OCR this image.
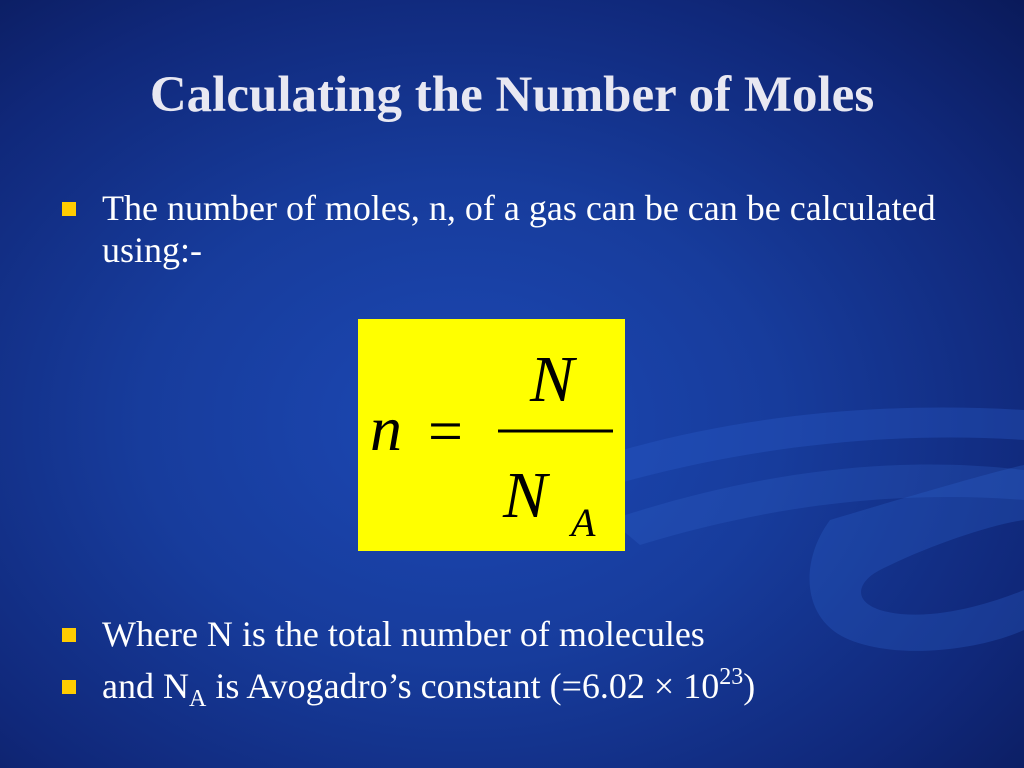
Calculating the Number of Moles
The number of moles, n, of a gas can be can be calculated using:-
Where N is the total number of molecules
and $N_A$ is Avogadro’s constant $(=6.02 \times 10^{23})$
n =
N
N A
